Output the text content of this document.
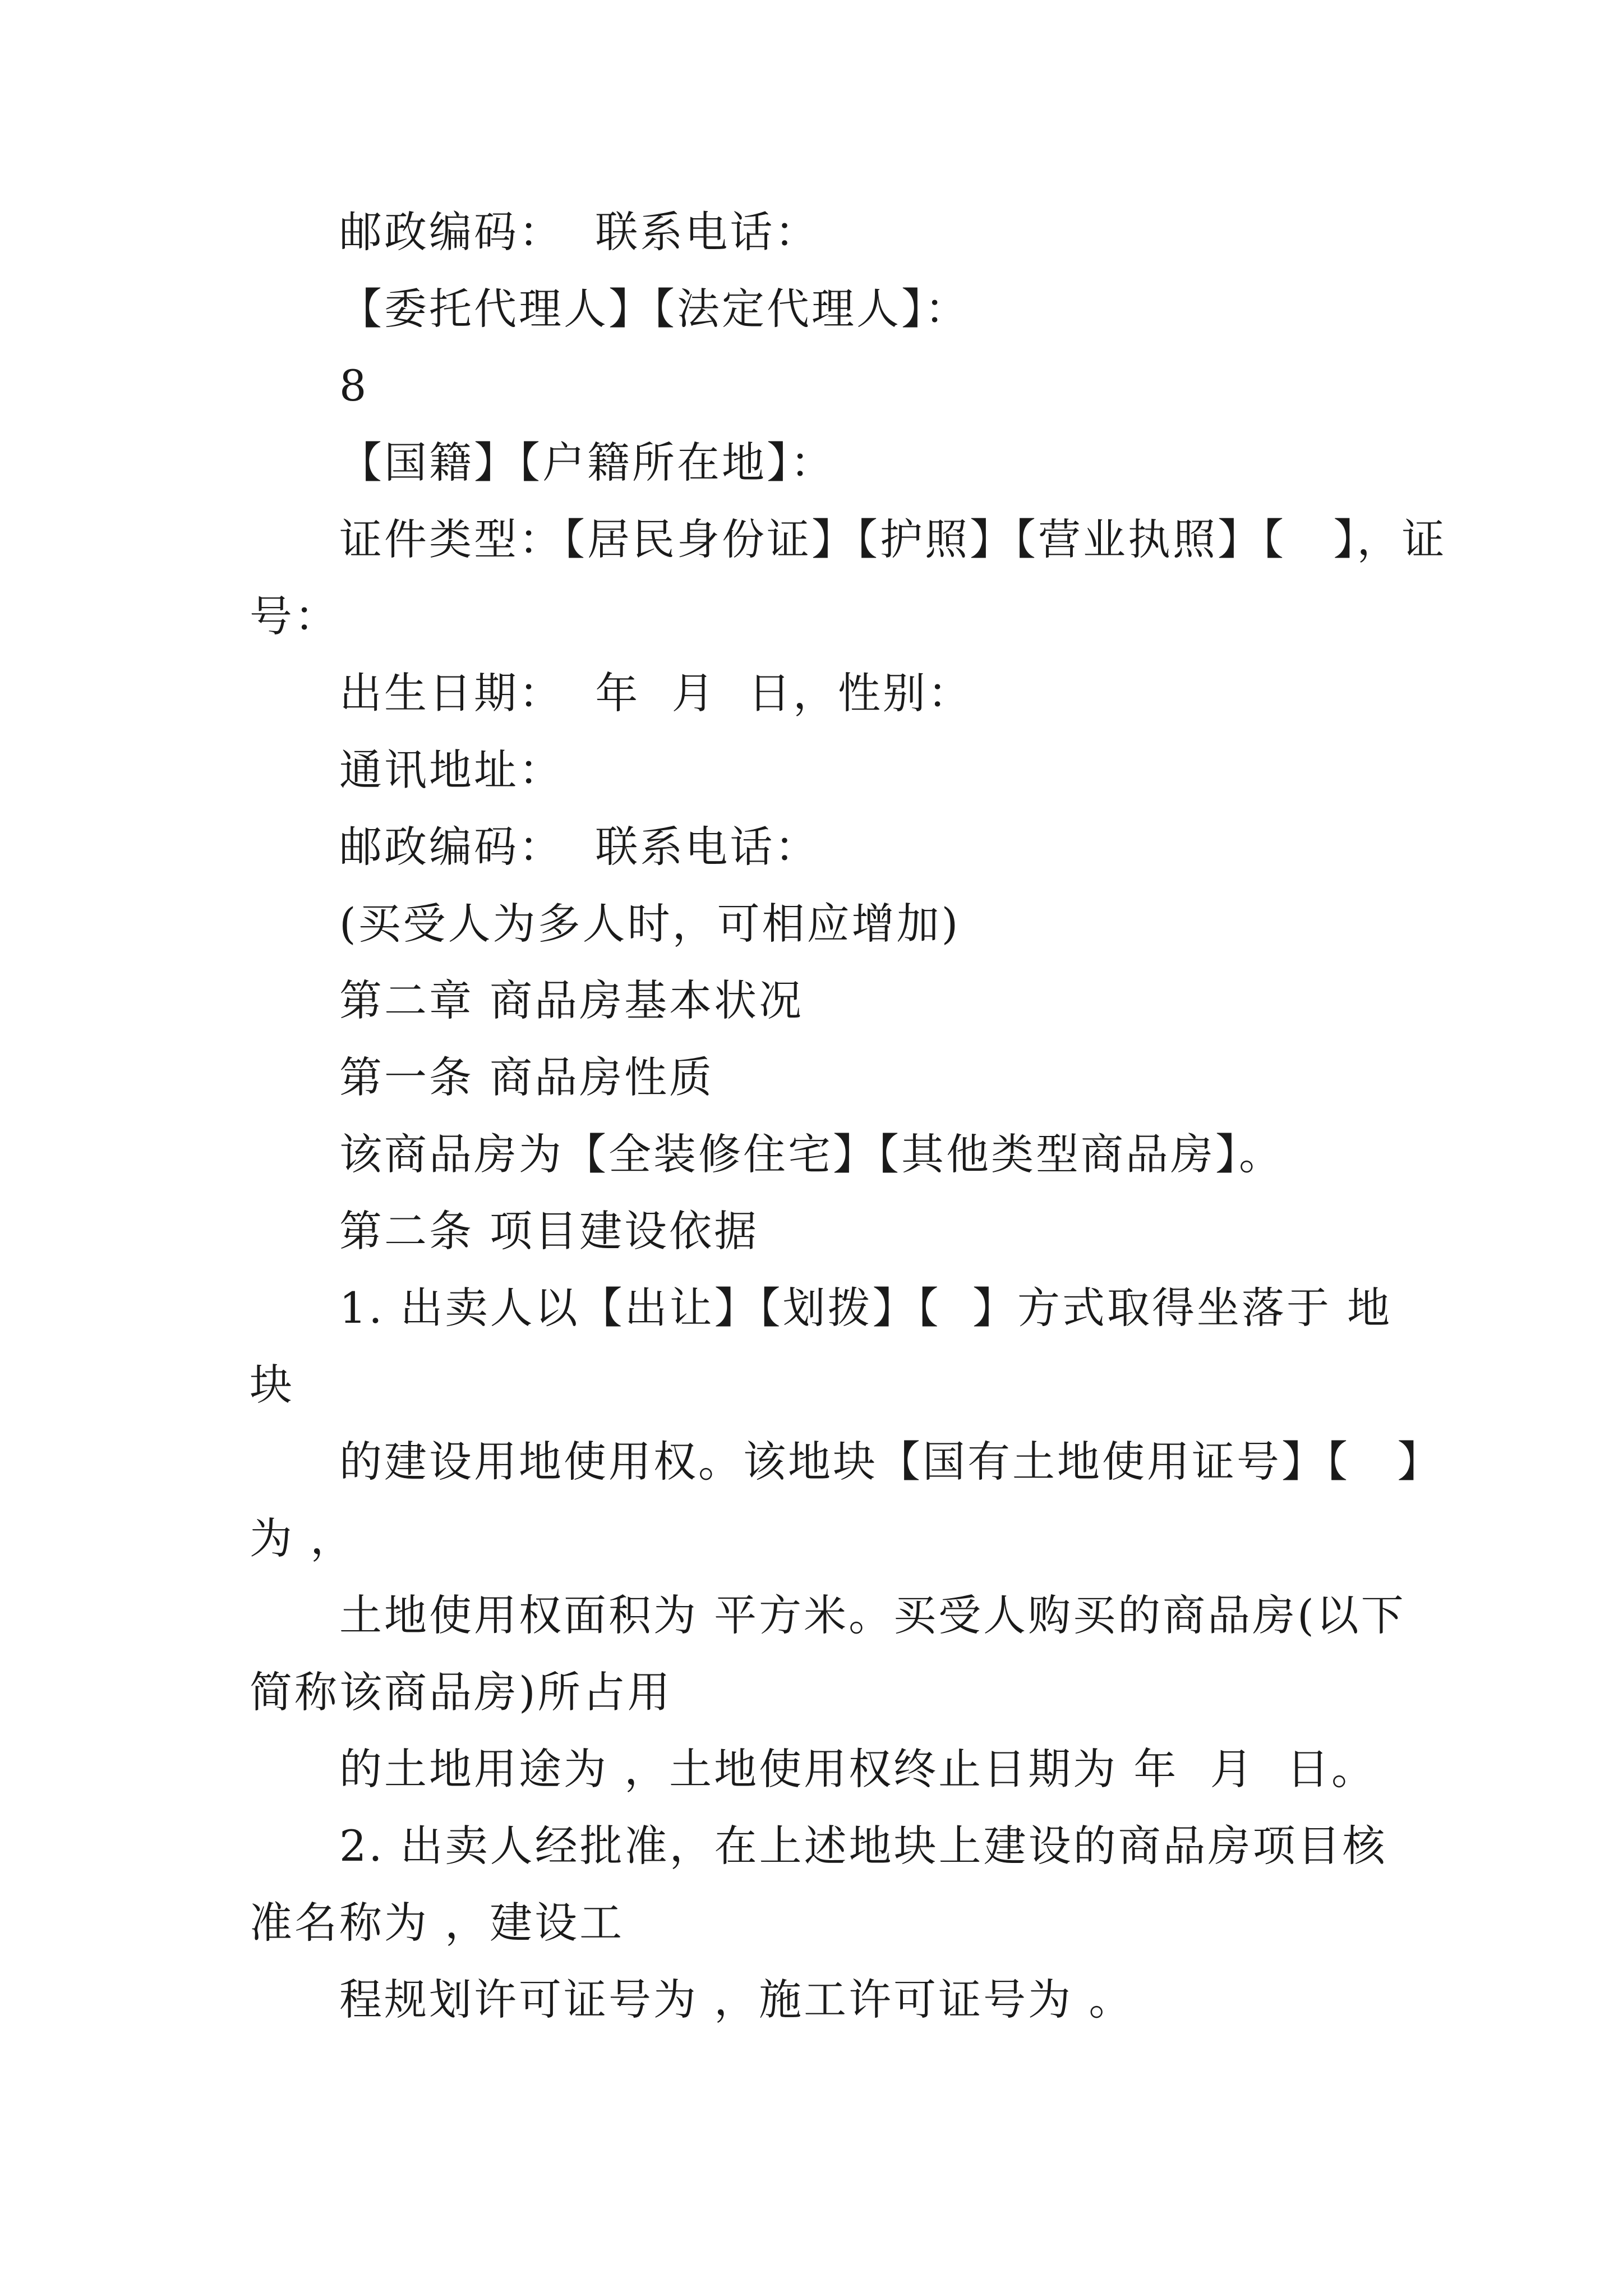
邮政编码：  联系电话：
【委托代理人】【法定代理人】：
8
【国籍】【户籍所在地】：
证件类型：【居民身份证】【护照】【营业执照】【   】，证
号：
出生日期：  年  月  日，性别：
通讯地址：
邮政编码：  联系电话：
(买受人为多人时，可相应增加)
第二章 商品房基本状况
第一条 商品房性质
该商品房为【全装修住宅】【其他类型商品房】。
第二条 项目建设依据
1. 出卖人以【出让】【划拨】【  】方式取得坐落于 地
块
的建设用地使用权。该地块【国有土地使用证号】【   】
为 ，
土地使用权面积为 平方米。买受人购买的商品房(以下
简称该商品房)所占用
的土地用途为 ，土地使用权终止日期为 年  月  日。
2. 出卖人经批准，在上述地块上建设的商品房项目核
准名称为 ，建设工
程规划许可证号为 ，施工许可证号为 。
